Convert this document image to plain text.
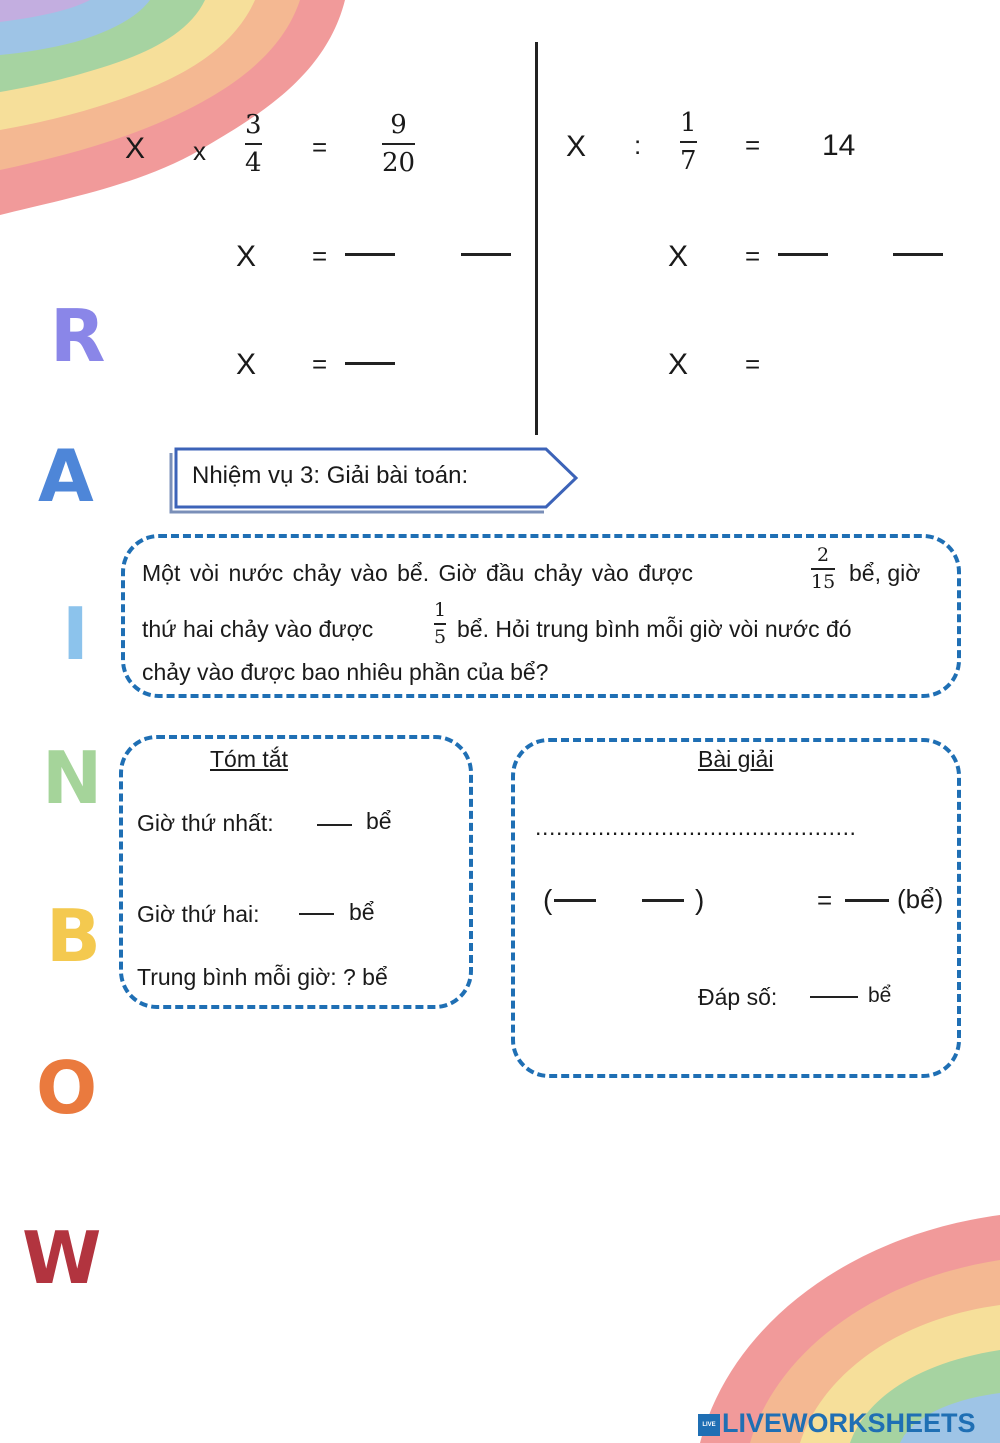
R
A
I
N
B
O
W
X x
3
4
=
9
20
X =
X =
X :
1
7
= 14
X =
X =
Nhiệm vụ 3: Giải bài toán:
Một vòi nước chảy vào bể. Giờ đầu chảy vào được
2
15 bể, giờ
thứ hai chảy vào được
1
5 bể. Hỏi trung bình mỗi giờ vòi nước đó
chảy vào được bao nhiêu phần của bể?
Tóm tắt
Giờ thứ nhất:	bể
Giờ thứ hai:	bể
Trung bình mỗi giờ: ? bể
Bài giải
..............................................
(	)	= (bể)
Đáp số:	bể
LIVE LIVEWORKSHEETS
